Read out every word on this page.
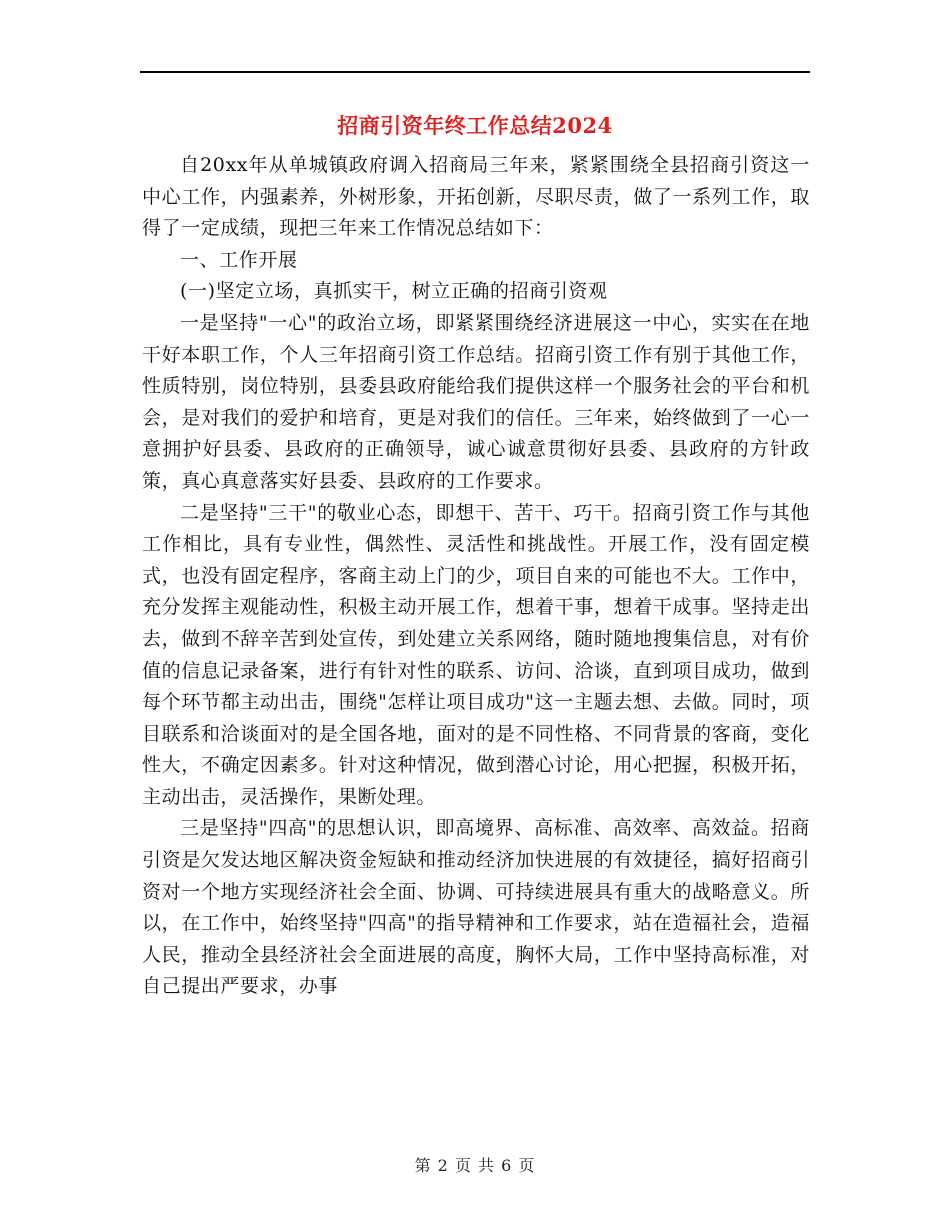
招商引资年终工作总结2024

自20xx年从单城镇政府调入招商局三年来，紧紧围绕全县招商引资这一中心工作，内强素养，外树形象，开拓创新，尽职尽责，做了一系列工作，取得了一定成绩，现把三年来工作情况总结如下：

一、工作开展

(一)坚定立场，真抓实干，树立正确的招商引资观

一是坚持"一心"的政治立场，即紧紧围绕经济进展这一中心，实实在在地干好本职工作，个人三年招商引资工作总结。招商引资工作有别于其他工作，性质特别，岗位特别，县委县政府能给我们提供这样一个服务社会的平台和机会，是对我们的爱护和培育，更是对我们的信任。三年来，始终做到了一心一意拥护好县委、县政府的正确领导，诚心诚意贯彻好县委、县政府的方针政策，真心真意落实好县委、县政府的工作要求。

二是坚持"三干"的敬业心态，即想干、苦干、巧干。招商引资工作与其他工作相比，具有专业性，偶然性、灵活性和挑战性。开展工作，没有固定模式，也没有固定程序，客商主动上门的少，项目自来的可能也不大。工作中，充分发挥主观能动性，积极主动开展工作，想着干事，想着干成事。坚持走出去，做到不辞辛苦到处宣传，到处建立关系网络，随时随地搜集信息，对有价值的信息记录备案，进行有针对性的联系、访问、洽谈，直到项目成功，做到每个环节都主动出击，围绕"怎样让项目成功"这一主题去想、去做。同时，项目联系和洽谈面对的是全国各地，面对的是不同性格、不同背景的客商，变化性大，不确定因素多。针对这种情况，做到潜心讨论，用心把握，积极开拓，主动出击，灵活操作，果断处理。

三是坚持"四高"的思想认识，即高境界、高标准、高效率、高效益。招商引资是欠发达地区解决资金短缺和推动经济加快进展的有效捷径，搞好招商引资对一个地方实现经济社会全面、协调、可持续进展具有重大的战略意义。所以，在工作中，始终坚持"四高"的指导精神和工作要求，站在造福社会，造福人民，推动全县经济社会全面进展的高度，胸怀大局，工作中坚持高标准，对自己提出严要求，办事

第 2 页 共 6 页
